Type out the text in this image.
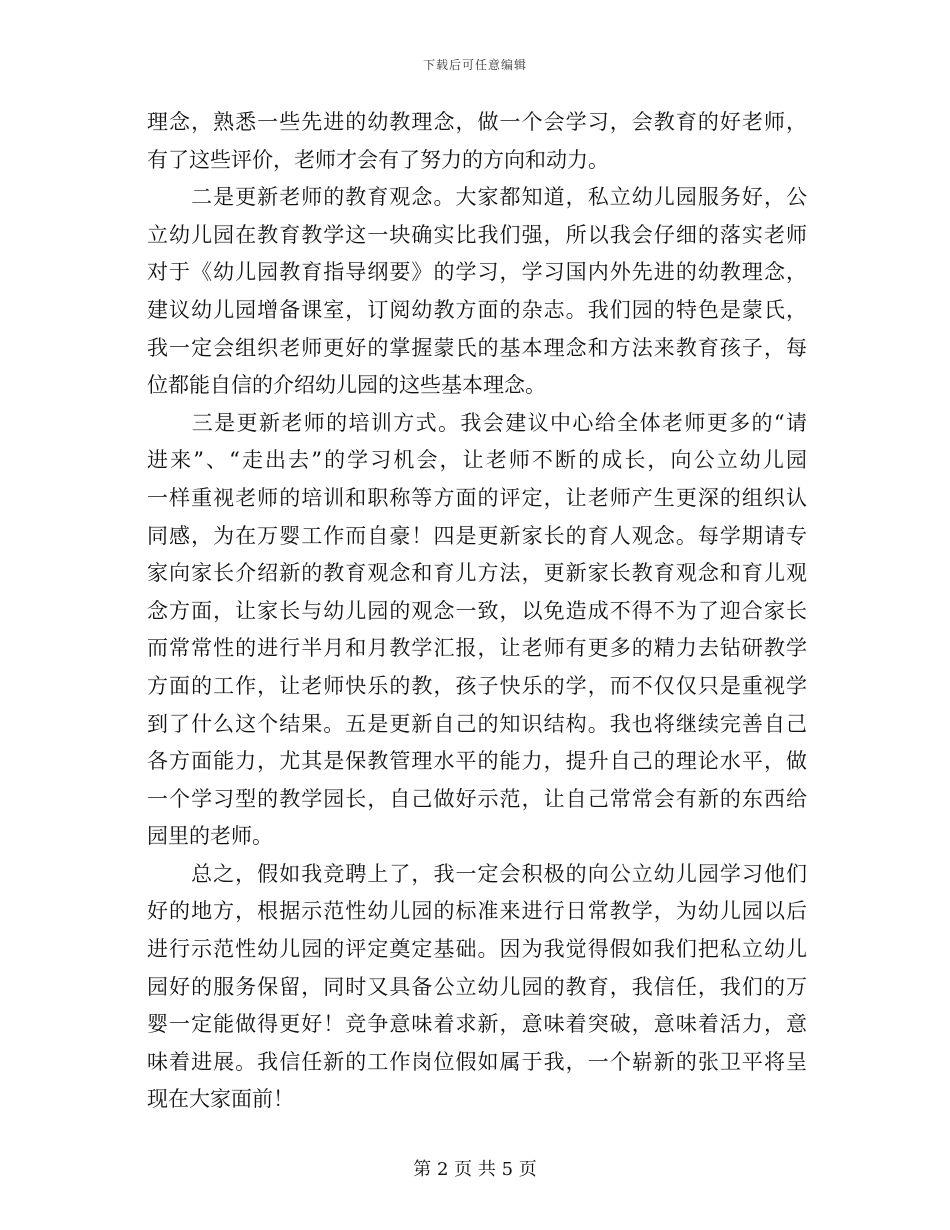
下载后可任意编辑
理念，熟悉一些先进的幼教理念，做一个会学习，会教育的好老师，
有了这些评价，老师才会有了努力的方向和动力。
　　二是更新老师的教育观念。大家都知道，私立幼儿园服务好，公
立幼儿园在教育教学这一块确实比我们强，所以我会仔细的落实老师
对于《幼儿园教育指导纲要》的学习，学习国内外先进的幼教理念，
建议幼儿园增备课室，订阅幼教方面的杂志。我们园的特色是蒙氏，
我一定会组织老师更好的掌握蒙氏的基本理念和方法来教育孩子，每
位都能自信的介绍幼儿园的这些基本理念。
　　三是更新老师的培训方式。我会建议中心给全体老师更多的“请
进来”、“走出去”的学习机会，让老师不断的成长，向公立幼儿园
一样重视老师的培训和职称等方面的评定，让老师产生更深的组织认
同感，为在万婴工作而自豪！四是更新家长的育人观念。每学期请专
家向家长介绍新的教育观念和育儿方法，更新家长教育观念和育儿观
念方面，让家长与幼儿园的观念一致，以免造成不得不为了迎合家长
而常常性的进行半月和月教学汇报，让老师有更多的精力去钻研教学
方面的工作，让老师快乐的教，孩子快乐的学，而不仅仅只是重视学
到了什么这个结果。五是更新自己的知识结构。我也将继续完善自己
各方面能力，尤其是保教管理水平的能力，提升自己的理论水平，做
一个学习型的教学园长，自己做好示范，让自己常常会有新的东西给
园里的老师。
　　总之，假如我竞聘上了，我一定会积极的向公立幼儿园学习他们
好的地方，根据示范性幼儿园的标准来进行日常教学，为幼儿园以后
进行示范性幼儿园的评定奠定基础。因为我觉得假如我们把私立幼儿
园好的服务保留，同时又具备公立幼儿园的教育，我信任，我们的万
婴一定能做得更好！竞争意味着求新，意味着突破，意味着活力，意
味着进展。我信任新的工作岗位假如属于我，一个崭新的张卫平将呈
现在大家面前！
第 2 页 共 5 页
